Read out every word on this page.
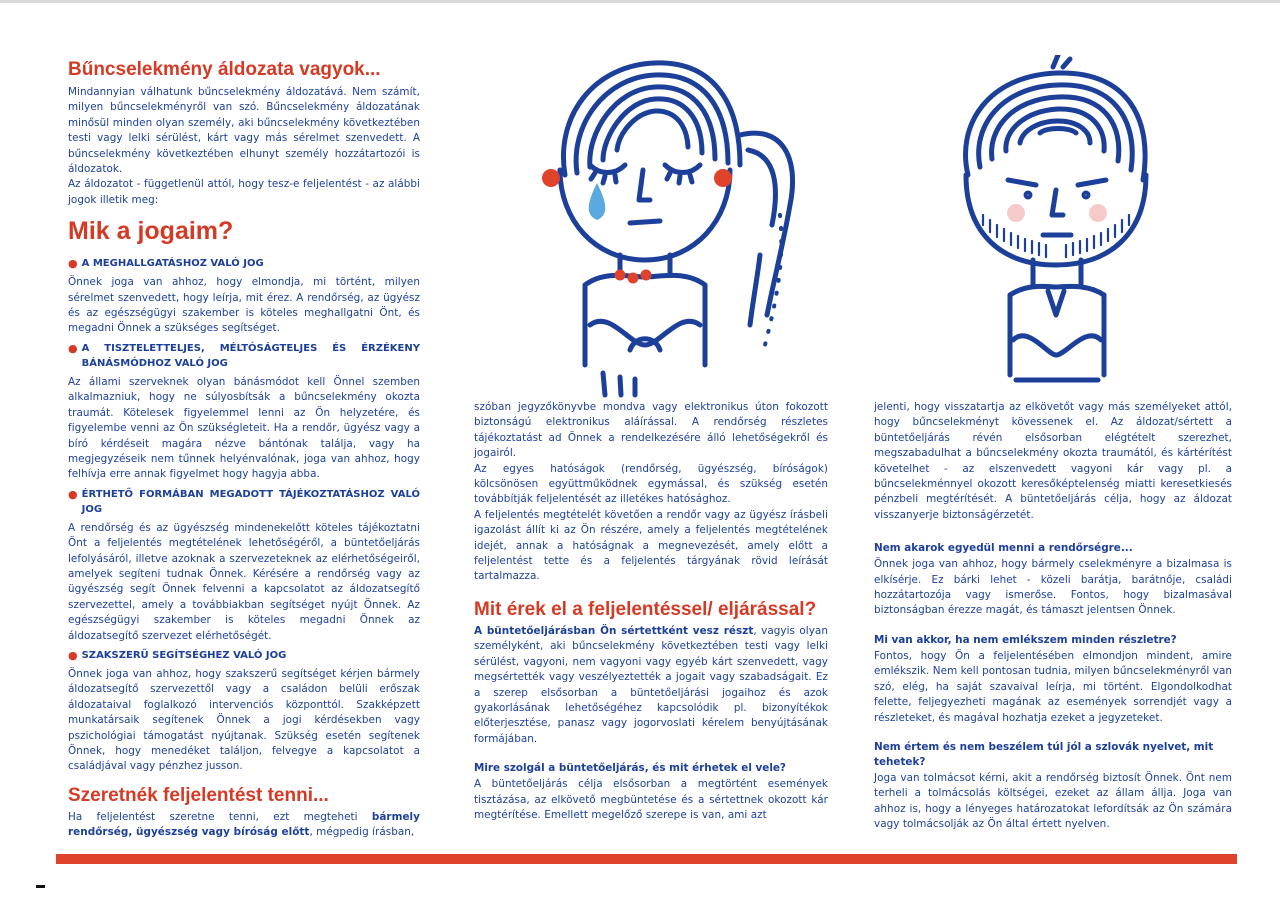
Bűncselekmény áldozata vagyok...

Mindannyian válhatunk bűncselekmény áldozatává. Nem számít, milyen bűncselekményről van szó. Bűncselekmény áldozatának minősül minden olyan személy, aki bűncselekmény következtében testi vagy lelki sérülést, kárt vagy más sérelmet szenvedett. A bűncselekmény következtében elhunyt személy hozzátartozói is áldozatok.

Az áldozatot - függetlenül attól, hogy tesz-e feljelentést - az alábbi jogok illetik meg:

Mik a jogaim?
● A MEGHALLGATÁSHOZ VALÓ JOG

Önnek joga van ahhoz, hogy elmondja, mi történt, milyen sérelmet szenvedett, hogy leírja, mit érez. A rendőrség, az ügyész és az egészségügyi szakember is köteles meghallgatni Önt, és megadni Önnek a szükséges segítséget.

● A TISZTELETTELJES, MÉLTÓSÁGTELJES ÉS ÉRZÉKENY BÁNÁSMÓDHOZ VALÓ JOG

Az állami szerveknek olyan bánásmódot kell Önnel szemben alkalmazniuk, hogy ne súlyosbítsák a bűncselekmény okozta traumát. Kötelesek figyelemmel lenni az Ön helyzetére, és figyelembe venni az Ön szükségleteit. Ha a rendőr, ügyész vagy a bíró kérdéseit magára nézve bántónak találja, vagy ha megjegyzéseik nem tűnnek helyénvalónak, joga van ahhoz, hogy felhívja erre annak figyelmet hogy hagyja abba.

● ÉRTHETŐ FORMÁBAN MEGADOTT TÁJÉKOZTATÁSHOZ VALÓ JOG

A rendőrség és az ügyészség mindenekelőtt köteles tájékoztatni Önt a feljelentés megtételének lehetőségéről, a büntetőeljárás lefolyásáról, illetve azoknak a szervezeteknek az elérhetőségeiről, amelyek segíteni tudnak Önnek. Kérésére a rendőrség vagy az ügyészség segít Önnek felvenni a kapcsolatot az áldozatsegítő szervezettel, amely a továbbiakban segítséget nyújt Önnek. Az egészségügyi szakember is köteles megadni Önnek az áldozatsegítő szervezet elérhetőségét.

● SZAKSZERŰ SEGÍTSÉGHEZ VALÓ JOG

Önnek joga van ahhoz, hogy szakszerű segítséget kérjen bármely áldozatsegítő szervezettől vagy a családon belüli erőszak áldozataival foglalkozó intervenciós központtól. Szakképzett munkatársaik segítenek Önnek a jogi kérdésekben vagy pszichológiai támogatást nyújtanak. Szükség esetén segítenek Önnek, hogy menedéket találjon, felvegye a kapcsolatot a családjával vagy pénzhez jusson.

Szeretnék feljelentést tenni...

Ha feljelentést szeretne tenni, ezt megteheti bármely rendőrség, ügyészség vagy bíróság előtt, mégpedig írásban,

szóban jegyzőkönyvbe mondva vagy elektronikus úton fokozott biztonságú elektronikus aláírással. A rendőrség részletes tájékoztatást ad Önnek a rendelkezésére álló lehetőségekről és jogairól.

Az egyes hatóságok (rendőrség, ügyészség, bíróságok) kölcsönösen együttműködnek egymással, és szükség esetén továbbítják feljelentését az illetékes hatósághoz.

A feljelentés megtételét követően a rendőr vagy az ügyész írásbeli igazolást állít ki az Ön részére, amely a feljelentés megtételének idejét, annak a hatóságnak a megnevezését, amely előtt a feljelentést tette és a feljelentés tárgyának rövid leírását tartalmazza.

Mit érek el a feljelentéssel/ eljárással?

A büntetőeljárásban Ön sértettként vesz részt, vagyis olyan személyként, aki bűncselekmény következtében testi vagy lelki sérülést, vagyoni, nem vagyoni vagy egyéb kárt szenvedett, vagy megsértették vagy veszélyeztették a jogait vagy szabadságait. Ez a szerep elsősorban a büntetőeljárási jogaihoz és azok gyakorlásának lehetőségéhez kapcsolódik pl. bizonyítékok előterjesztése, panasz vagy jogorvoslati kérelem benyújtásának formájában.

Mire szolgál a büntetőeljárás, és mit érhetek el vele?

A büntetőeljárás célja elsősorban a megtörtént események tisztázása, az elkövető megbüntetése és a sértettnek okozott kár megtérítése. Emellett megelőző szerepe is van, ami azt

jelenti, hogy visszatartja az elkövetőt vagy más személyeket attól, hogy bűncselekményt kövessenek el. Az áldozat/sértett a büntetőeljárás révén elsősorban elégtételt szerezhet, megszabadulhat a bűncselekmény okozta traumától, és kártérítést követelhet - az elszenvedett vagyoni kár vagy pl. a bűncselekménnyel okozott keresőképtelenség miatti keresetkiesés pénzbeli megtérítését. A büntetőeljárás célja, hogy az áldozat visszanyerje biztonságérzetét.

Nem akarok egyedül menni a rendőrségre...

Önnek joga van ahhoz, hogy bármely cselekményre a bizalmasa is elkísérje. Ez bárki lehet - közeli barátja, barátnője, családi hozzátartozója vagy ismerőse. Fontos, hogy bizalmasával biztonságban érezze magát, és támaszt jelentsen Önnek.

Mi van akkor, ha nem emlékszem minden részletre?

Fontos, hogy Ön a feljelentésében elmondjon mindent, amire emlékszik. Nem kell pontosan tudnia, milyen bűncselekményről van szó, elég, ha saját szavaival leírja, mi történt. Elgondolkodhat felette, feljegyezheti magának az események sorrendjét vagy a részleteket, és magával hozhatja ezeket a jegyzeteket.

Nem értem és nem beszélem túl jól a szlovák nyelvet, mit tehetek?

Joga van tolmácsot kérni, akit a rendőrség biztosít Önnek. Önt nem terheli a tolmácsolás költségei, ezeket az állam állja. Joga van ahhoz is, hogy a lényeges határozatokat lefordítsák az Ön számára vagy tolmácsolják az Ön által értett nyelven.
